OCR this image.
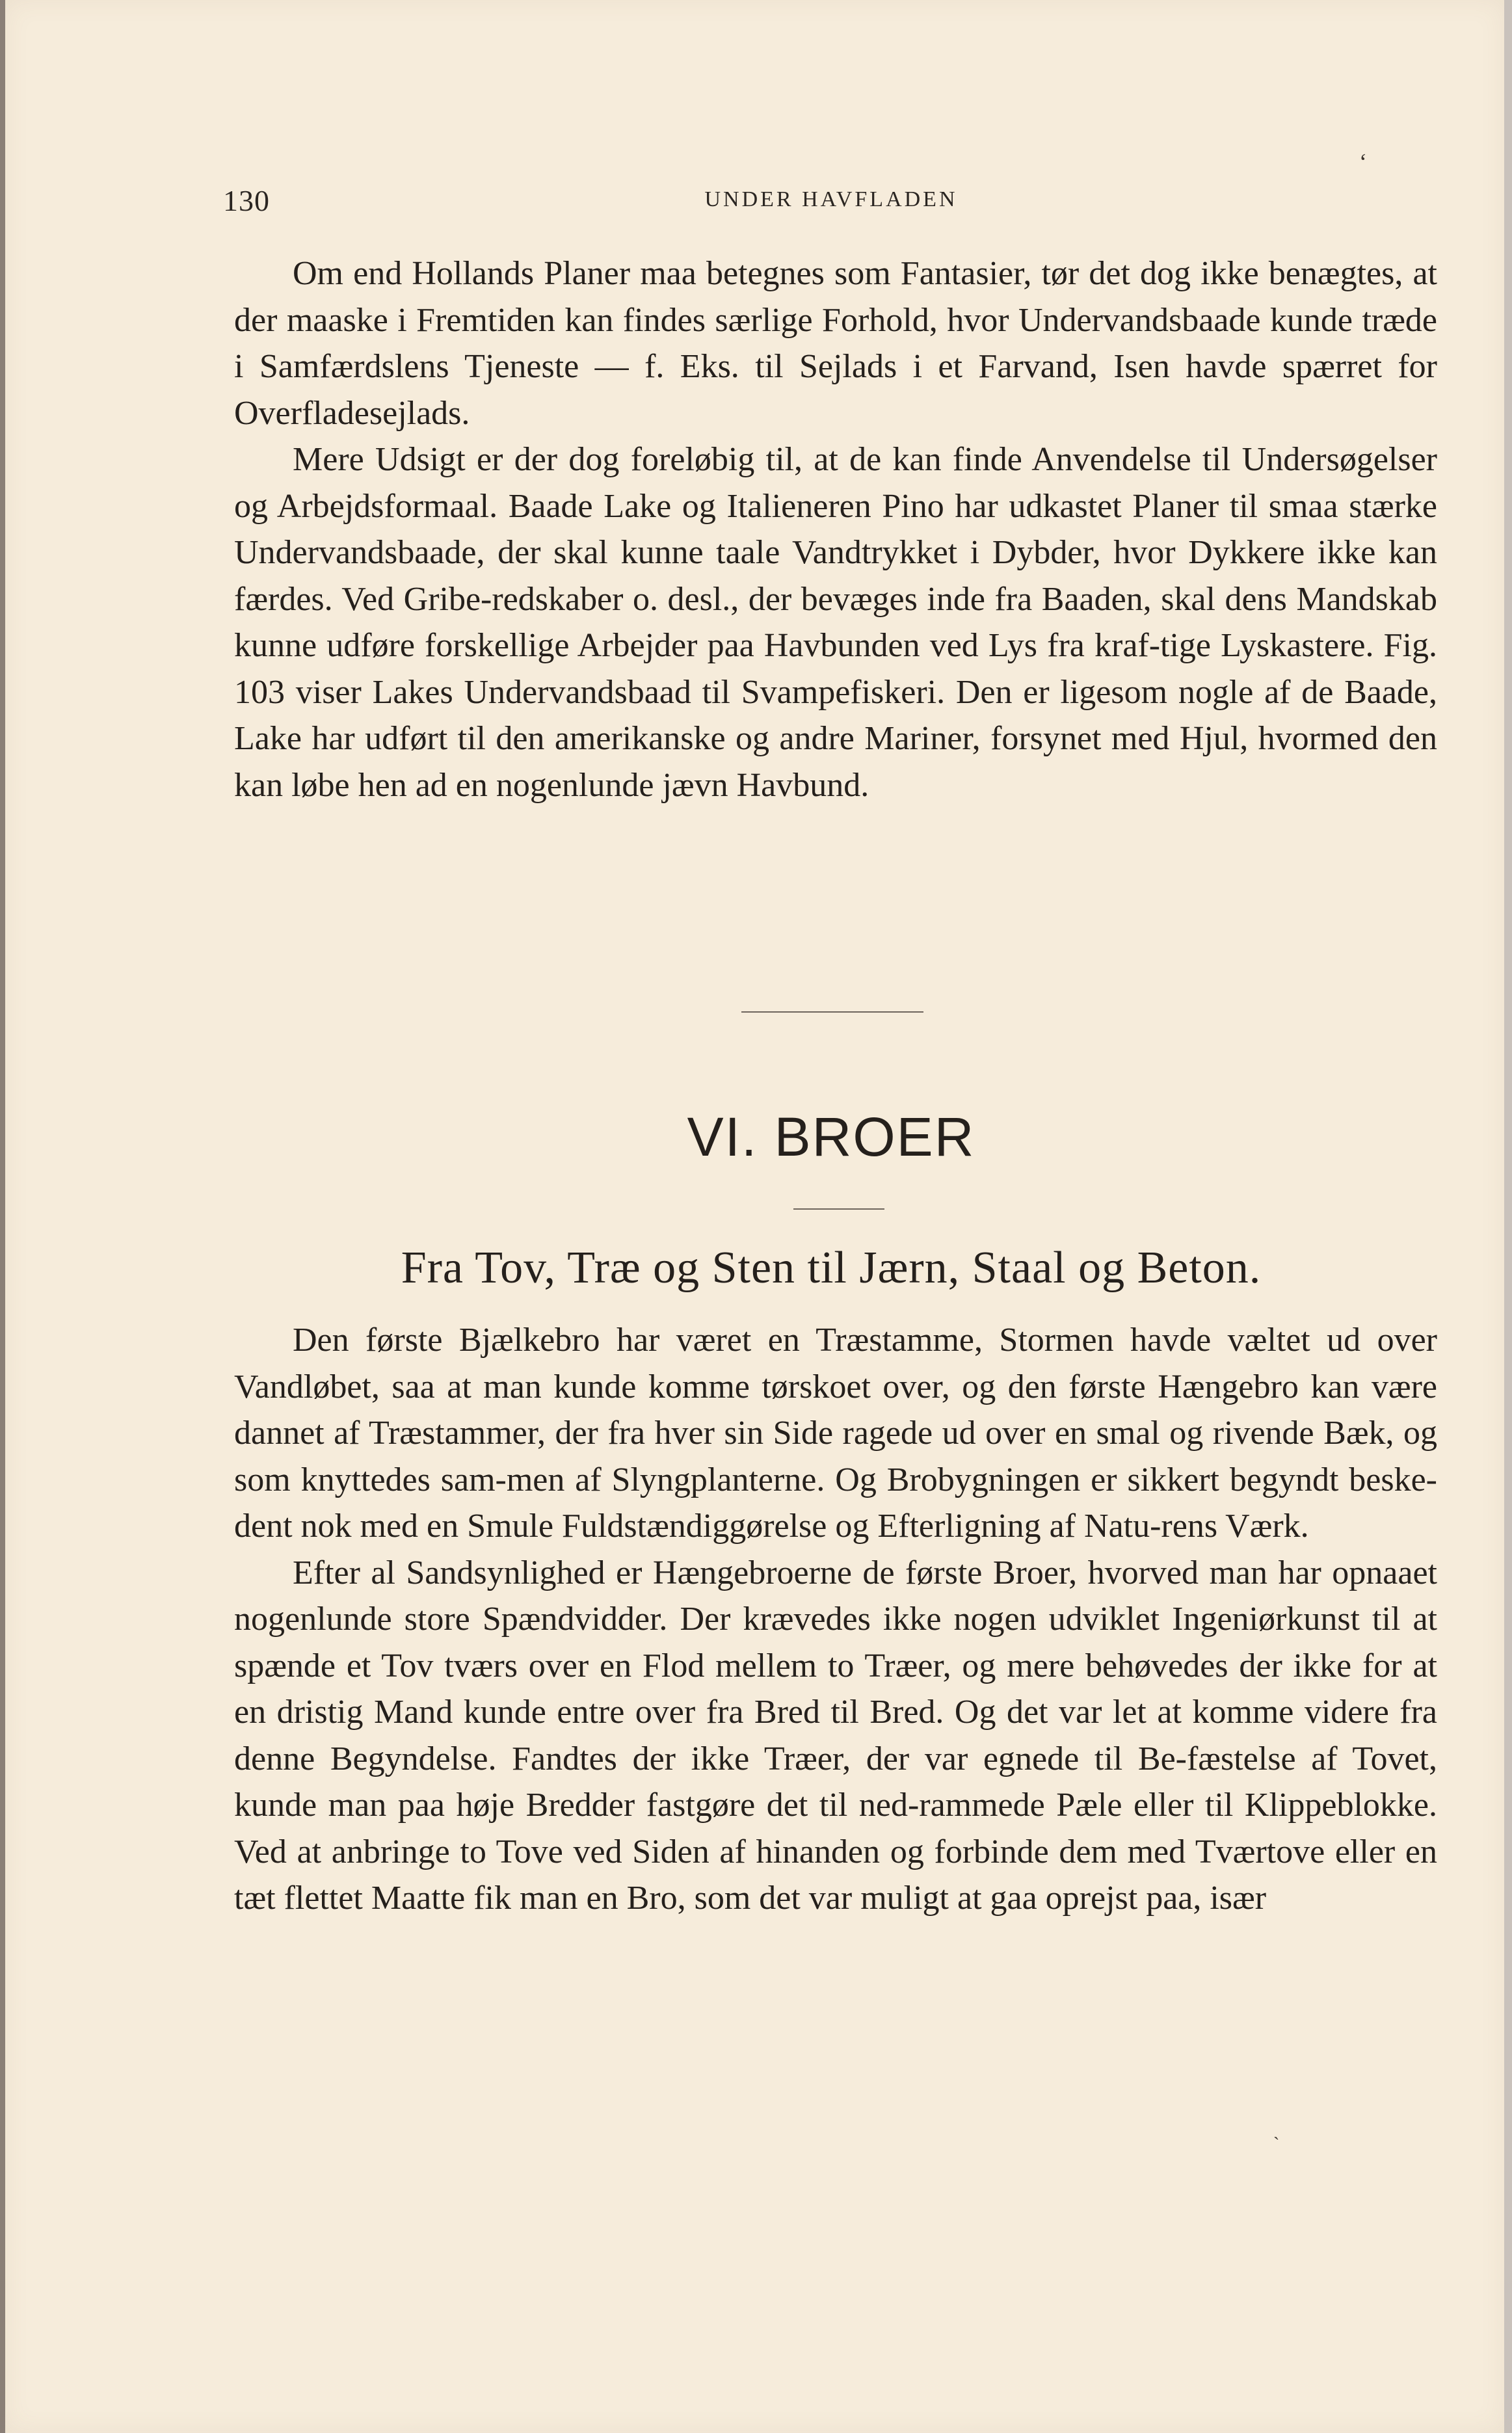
130	UNDER HAVFLADEN
ʻ

Om end Hollands Planer maa betegnes som Fantasier, tør det dog ikke benægtes, at der maaske i Fremtiden kan findes særlige Forhold, hvor Undervandsbaade kunde træde i Samfærdslens Tjeneste — f. Eks. til Sejlads i et Farvand, Isen havde spærret for Overfladesejlads.

Mere Udsigt er der dog foreløbig til, at de kan finde Anvendelse til Undersøgelser og Arbejdsformaal. Baade Lake og Italieneren Pino har udkastet Planer til smaa stærke Undervandsbaade, der skal kunne taale Vandtrykket i Dybder, hvor Dykkere ikke kan færdes. Ved Gribe-redskaber o. desl., der bevæges inde fra Baaden, skal dens Mandskab kunne udføre forskellige Arbejder paa Havbunden ved Lys fra kraf-tige Lyskastere. Fig. 103 viser Lakes Undervandsbaad til Svampefiskeri. Den er ligesom nogle af de Baade, Lake har udført til den amerikanske og andre Mariner, forsynet med Hjul, hvormed den kan løbe hen ad en nogenlunde jævn Havbund.

VI. BROER
Fra Tov, Træ og Sten til Jærn, Staal og Beton.

Den første Bjælkebro har været en Træstamme, Stormen havde væltet ud over Vandløbet, saa at man kunde komme tørskoet over, og den første Hængebro kan være dannet af Træstammer, der fra hver sin Side ragede ud over en smal og rivende Bæk, og som knyttedes sam-men af Slyngplanterne. Og Brobygningen er sikkert begyndt beske-dent nok med en Smule Fuldstændiggørelse og Efterligning af Natu-rens Værk.

Efter al Sandsynlighed er Hængebroerne de første Broer, hvorved man har opnaaet nogenlunde store Spændvidder. Der krævedes ikke nogen udviklet Ingeniørkunst til at spænde et Tov tværs over en Flod mellem to Træer, og mere behøvedes der ikke for at en dristig Mand kunde entre over fra Bred til Bred. Og det var let at komme videre fra denne Begyndelse. Fandtes der ikke Træer, der var egnede til Be-fæstelse af Tovet, kunde man paa høje Bredder fastgøre det til ned-rammede Pæle eller til Klippeblokke. Ved at anbringe to Tove ved Siden af hinanden og forbinde dem med Tværtove eller en tæt flettet Maatte fik man en Bro, som det var muligt at gaa oprejst paa, især

ˎ
